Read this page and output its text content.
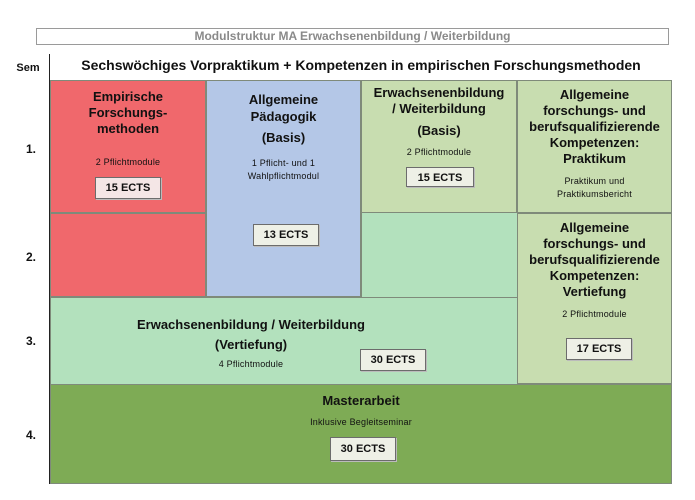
Modulstruktur MA Erwachsenenbildung / Weiterbildung
Sem	Sechswöchiges Vorpraktikum + Kompetenzen in empirischen Forschungsmethoden
1.
2.
3.
4.
Empirische
Forschungs-
methoden
2 Pflichtmodule
15 ECTS
Allgemeine
Pädagogik
(Basis)
1 Pflicht- und 1
Wahlpflichtmodul
13 ECTS
Erwachsenenbildung
/ Weiterbildung
(Basis)
2 Pflichtmodule
15 ECTS
Allgemeine
forschungs- und
berufsqualifizierende
Kompetenzen:
Praktikum
Praktikum und
Praktikumsbericht
Allgemeine
forschungs- und
berufsqualifizierende
Kompetenzen:
Vertiefung
2 Pflichtmodule
17 ECTS
Erwachsenenbildung / Weiterbildung
(Vertiefung)
4 Pflichtmodule	30 ECTS
Masterarbeit
Inklusive Begleitseminar
30 ECTS
